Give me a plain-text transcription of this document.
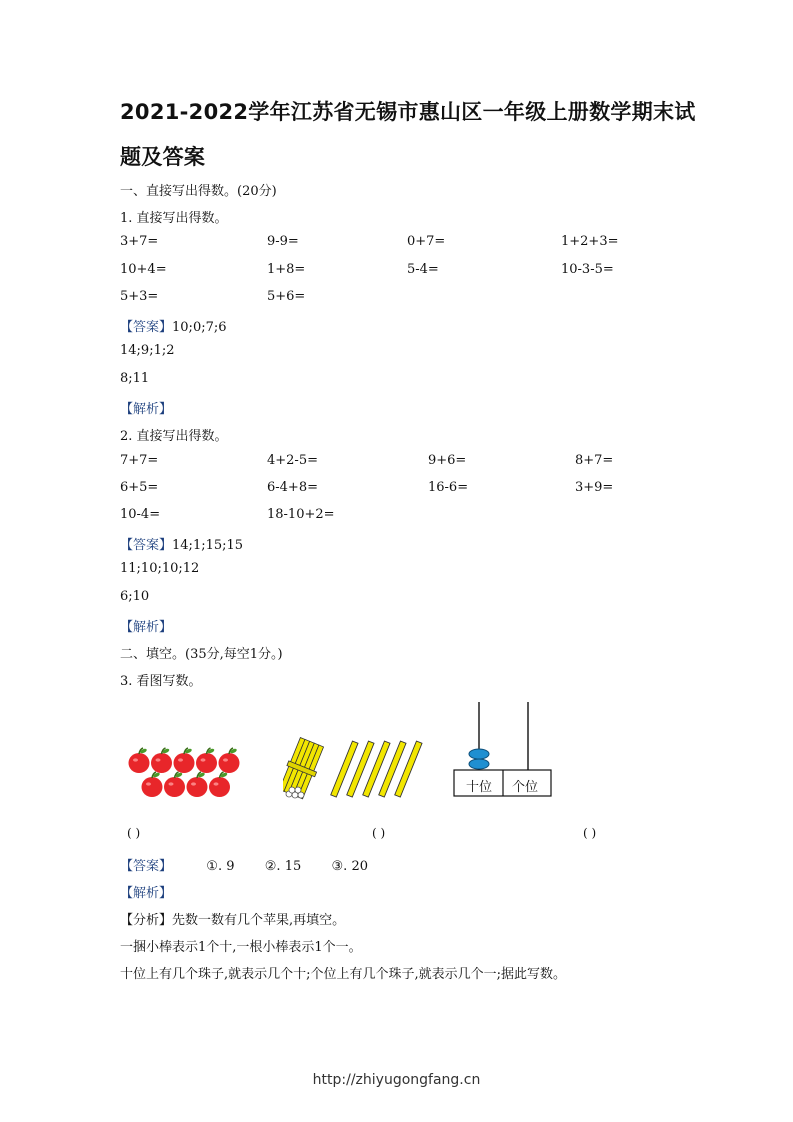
2021-2022学年江苏省无锡市惠山区一年级上册数学期末试
题及答案
一、直接写出得数。(20分)
1. 直接写出得数。
3+7=	9-9=	0+7=	1+2+3=
10+4=	1+8=	5-4=	10-3-5=
5+3=	5+6=
【答案】10;0;7;6
14;9;1;2
8;11
【解析】
2. 直接写出得数。
7+7=	4+2-5=	9+6=	8+7=
6+5=	6-4+8=	16-6=	3+9=
10-4=	18-10+2=
【答案】14;1;15;15
11;10;10;12
6;10
【解析】
二、填空。(35分,每空1分。)
3. 看图写数。
十位 个位
( )	( )	( )
【答案】	①. 9 ②. 15 ③. 20
【解析】
【分析】先数一数有几个苹果,再填空。
一捆小棒表示1个十,一根小棒表示1个一。
十位上有几个珠子,就表示几个十;个位上有几个珠子,就表示几个一;据此写数。
http://zhiyugongfang.cn
